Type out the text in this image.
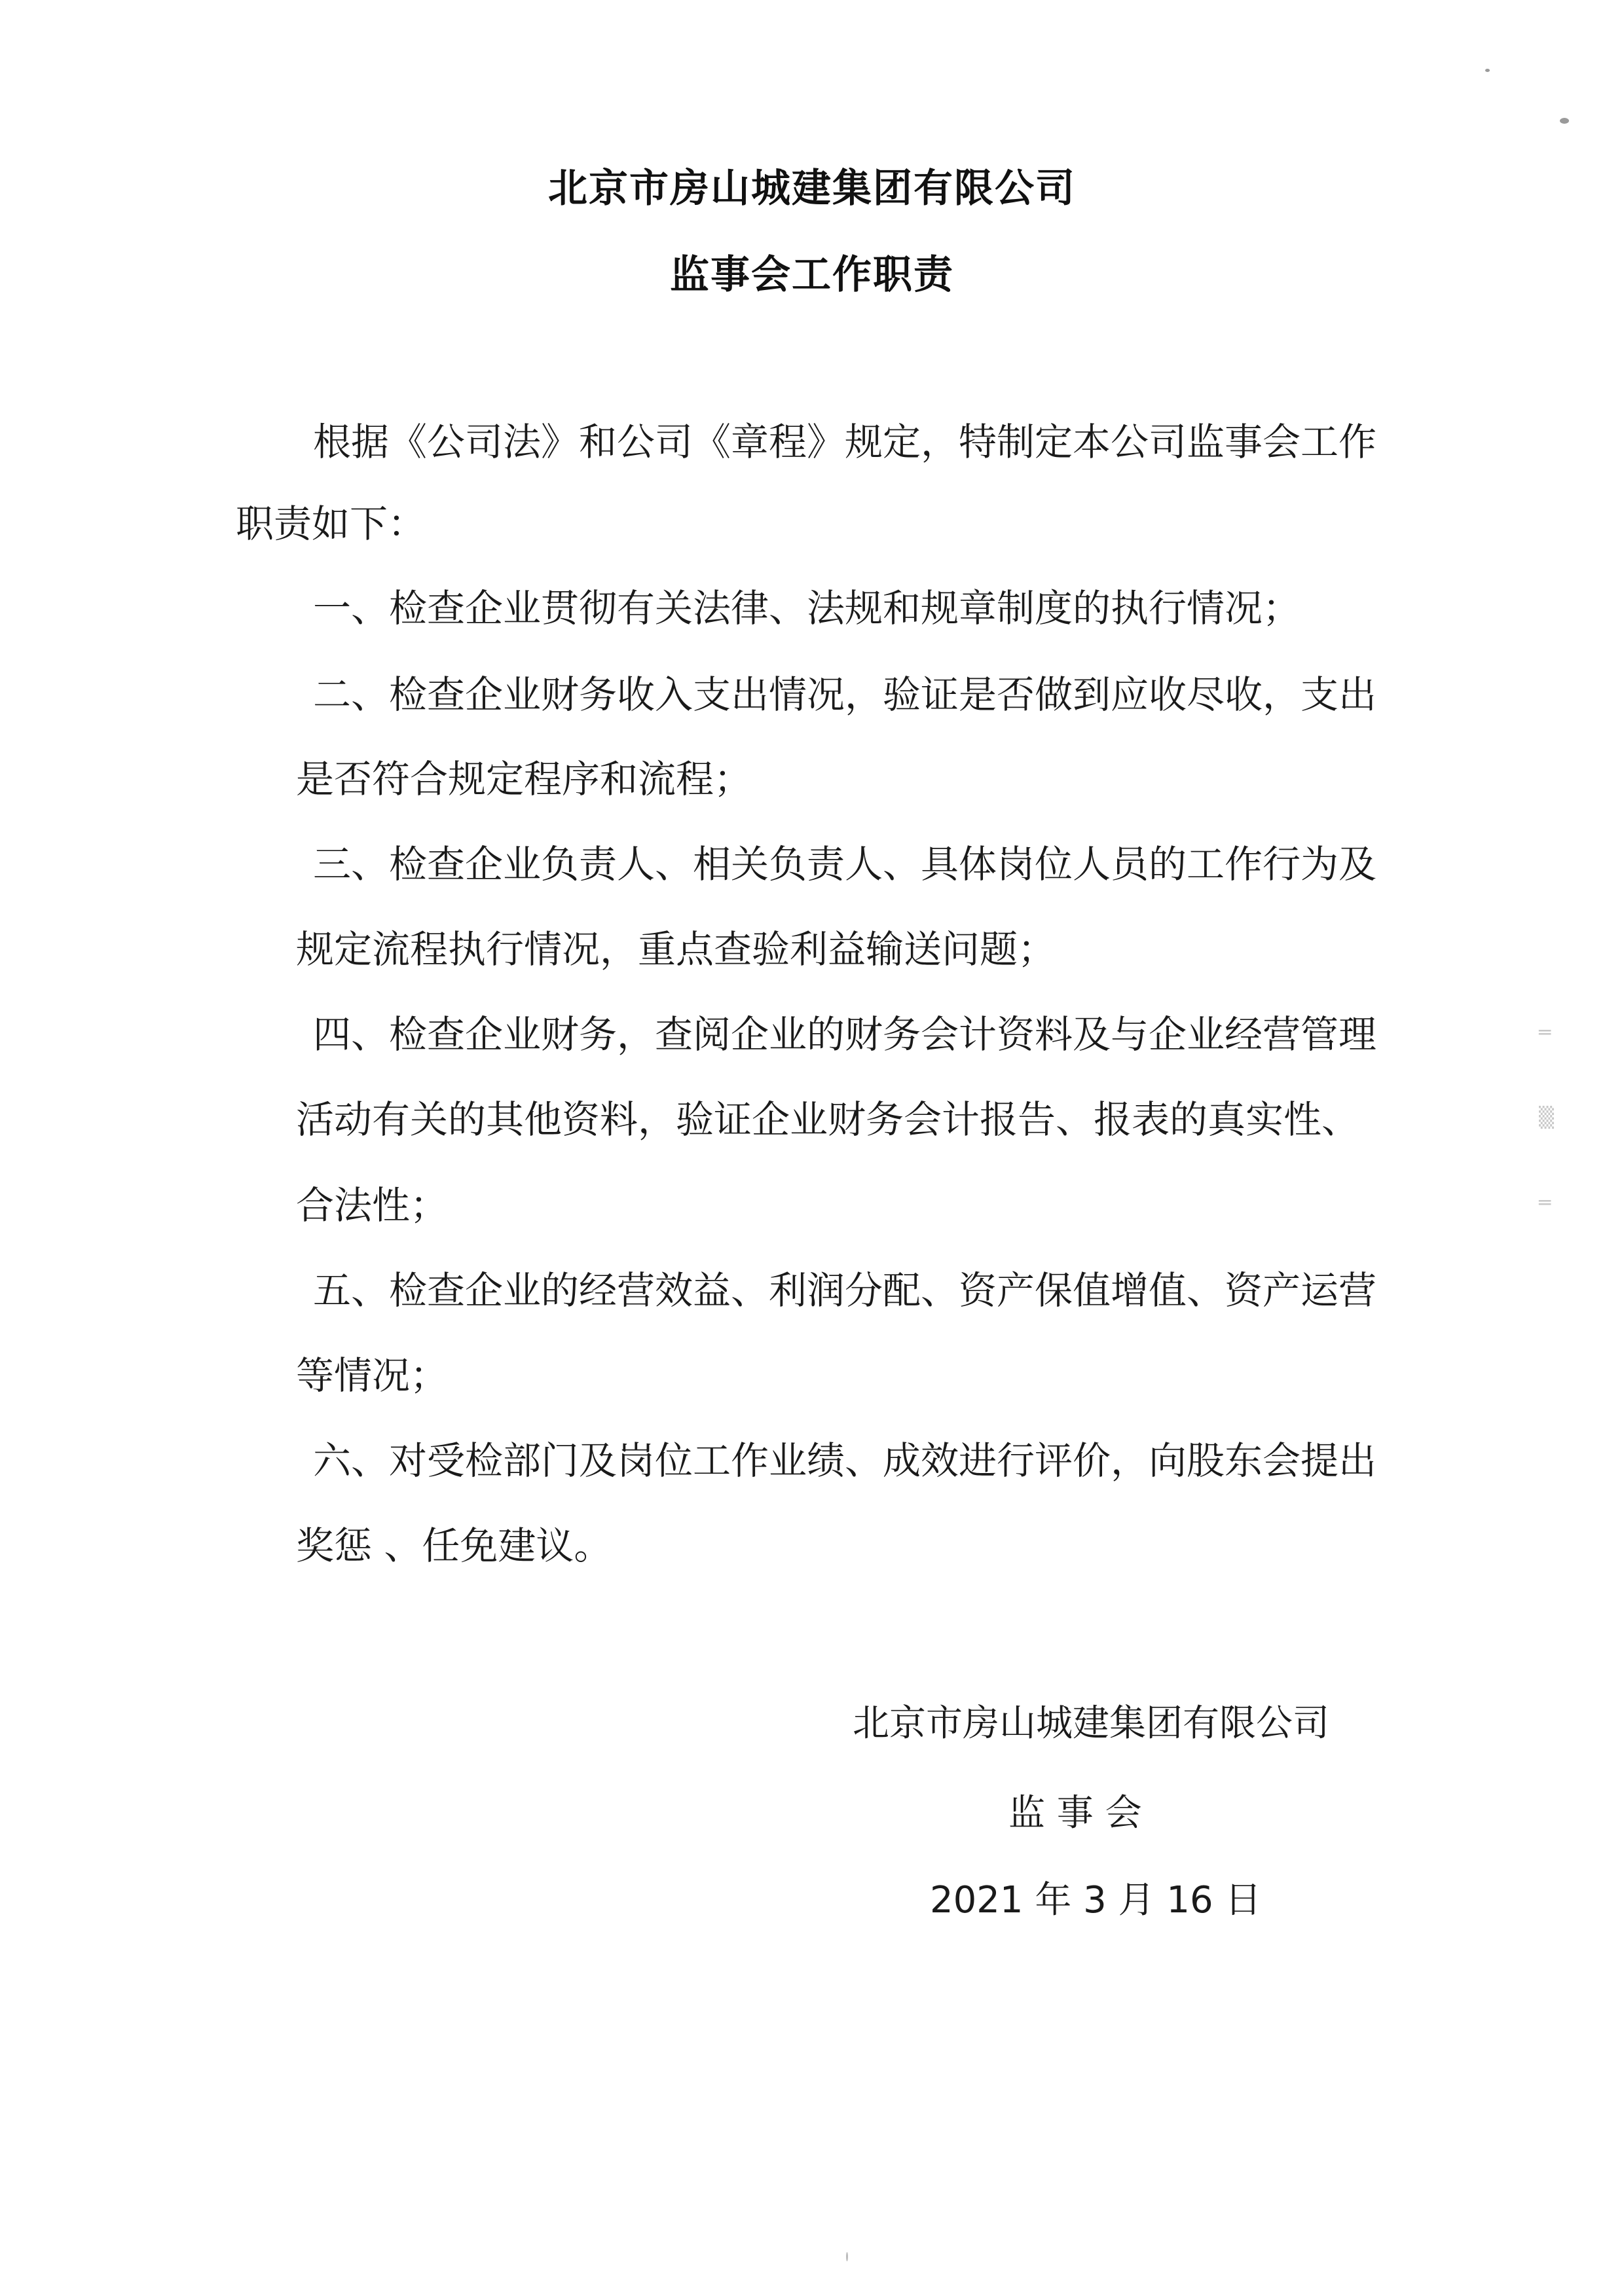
北京市房山城建集团有限公司
监事会工作职责
根据《公司法》和公司《章程》规定，特制定本公司监事会工作
职责如下：
一、检查企业贯彻有关法律、法规和规章制度的执行情况；
二、检查企业财务收入支出情况，验证是否做到应收尽收，支出
是否符合规定程序和流程；
三、检查企业负责人、相关负责人、具体岗位人员的工作行为及
规定流程执行情况，重点查验利益输送问题；
四、检查企业财务，查阅企业的财务会计资料及与企业经营管理
活动有关的其他资料，验证企业财务会计报告、报表的真实性、
合法性；
五、检查企业的经营效益、利润分配、资产保值增值、资产运营
等情况；
六、对受检部门及岗位工作业绩、成效进行评价，向股东会提出
奖惩 、任免建议。
北京市房山城建集团有限公司
监 事 会
2021 年 3 月 16 日
═
▒
═
